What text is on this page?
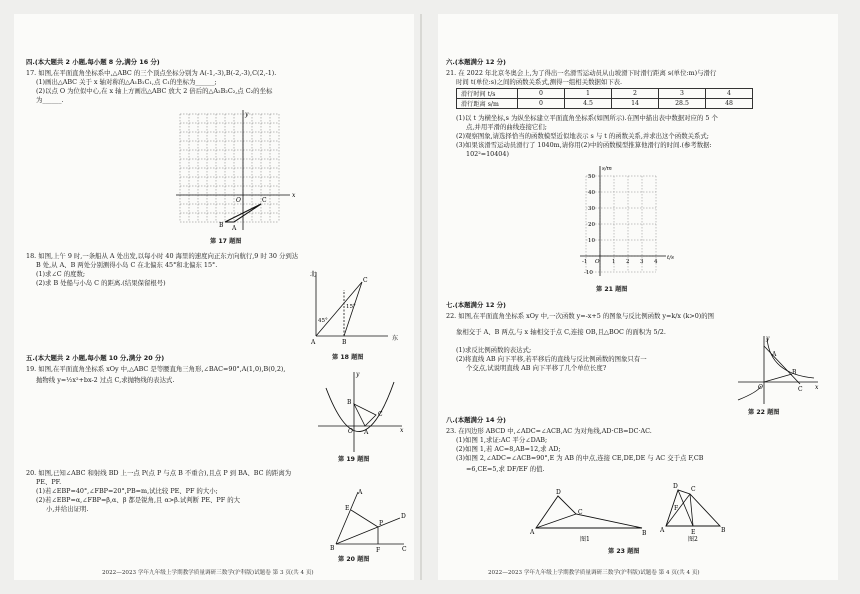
四.(本大题共 2 小题,每小题 8 分,满分 16 分)
17. 如图,在平面直角坐标系中,△ABC 的三个顶点坐标分别为 A(-1,-3),B(-2,-3),C(2,-1).
(1)画出△ABC 关于 x 轴对称的△A₁B₁C₁,点 C₁的坐标为______;
(2)以点 O 为位似中心,在 x 轴上方画出△ABC 放大 2 倍后的△A₂B₂C₂,点 C₂的坐标
为______.
y
x
O
A
B
C
第 17 题图
18. 如图,上午 9 时,一条船从 A 处出发,以每小时 40 海里的速度向正东方向航行,9 时 30 分到达
B 处,从 A、B 两处分别测得小岛 C 在北偏东 45°和北偏东 15°.
(1)求∠C 的度数;
(2)求 B 处船与小岛 C 的距离.(结果保留根号)
北
东
A	B
C
45°
15°
第 18 题图
五.(本大题共 2 小题,每小题 10 分,满分 20 分)
19. 如图,在平面直角坐标系 xOy 中,△ABC 是等腰直角三角形,∠BAC=90°,A(1,0),B(0,2),
抛物线 y=½x²+bx-2 过点 C,求抛物线的表达式.
y
x
O A
B
C
第 19 题图
20. 如图,已知∠ABC 和射线 BD 上一点 P(点 P 与点 B 不重合),且点 P 到 BA、BC 的距离为
PE、PF.
(1)若∠EBP=40°,∠FBP=20°,PB=m,试比较 PE、PF 的大小;
(2)若∠EBP=α,∠FBP=β,α、β 都是锐角,且 α>β.试判断 PE、PF 的大
小,并给出证明.
A
B	C
D
E
F
P
第 20 题图
2022—2023 学年九年级上学期教学质量调研三数学(沪科版)试题卷 第 3 页(共 4 页)
六.(本题满分 12 分)
21. 在 2022 年北京冬奥会上,为了得出一名滑雪运动员从山坡滑下时滑行距离 s(单位:m)与滑行
时间 t(单位:s)之间的函数关系式,测得一组相关数据如下表.
滑行时间 t/s	0	1	2	3	4
滑行距离 s/m	0	4.5	14	28.5	48
(1)以 t 为横坐标,s 为纵坐标建立平面直角坐标系(如图所示).在图中描出表中数据对应的 5 个
点,并用平滑的曲线连接它们;
(2)观察图象,请选择恰当的函数模型近似地表示 s 与 t 的函数关系,并求出这个函数关系式;
(3)如果该滑雪运动员滑行了 1040m,请你用(2)中的函数模型推算他滑行的时间.(参考数据:
102²=10404)
s/m
t/s
50
40
30
20
10
-10
O
-1	1 2 3 4
第 21 题图
七.(本题满分 12 分)
22. 如图,在平面直角坐标系 xOy 中,一次函数 y=-x+5 的图象与反比例函数 y=k/x (k>0)的图
象相交于 A、B 两点,与 x 轴相交于点 C,连接 OB,且△BOC 的面积为 5/2.
(1)求反比例函数的表达式;
(2)将直线 AB 向下平移,若平移后的直线与反比例函数的图象只有一
个交点,试说明直线 AB 向下平移了几个单位长度?
y
x
O
A
B
C
第 22 题图
八.(本题满分 14 分)
23. 在四边形 ABCD 中,∠ADC=∠ACB,AC 为对角线,AD·CB=DC·AC.
(1)如图 1,求证:AC 平分∠DAB;
(2)如图 1,若 AC=8,AB=12,求 AD;
(3)如图 2,∠ADC=∠ACB=90°,E 为 AB 的中点,连接 CE,DE,DE 与 AC 交于点 F,CB
=6,CE=5,求 DF/EF 的值.
A
D
C
B
图1
A
D C
B
E
F
图2
第 23 题图
2022—2023 学年九年级上学期教学质量调研三数学(沪科版)试题卷 第 4 页(共 4 页)
